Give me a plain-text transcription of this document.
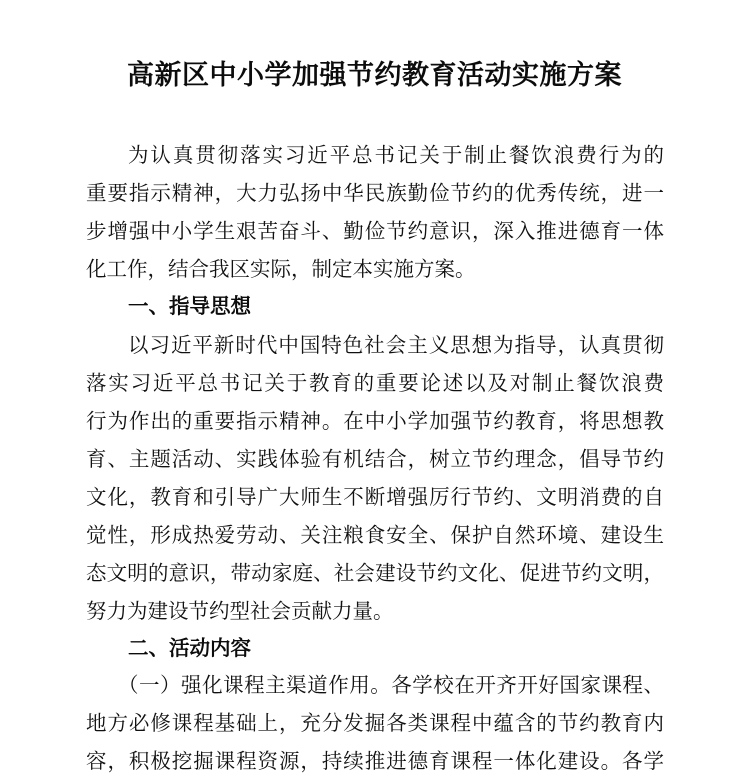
高新区中小学加强节约教育活动实施方案

为认真贯彻落实习近平总书记关于制止餐饮浪费行为的

重要指示精神，大力弘扬中华民族勤俭节约的优秀传统，进一

步增强中小学生艰苦奋斗、勤俭节约意识，深入推进德育一体

化工作，结合我区实际，制定本实施方案。

一、指导思想

以习近平新时代中国特色社会主义思想为指导，认真贯彻

落实习近平总书记关于教育的重要论述以及对制止餐饮浪费

行为作出的重要指示精神。在中小学加强节约教育，将思想教

育、主题活动、实践体验有机结合，树立节约理念，倡导节约

文化，教育和引导广大师生不断增强厉行节约、文明消费的自

觉性，形成热爱劳动、关注粮食安全、保护自然环境、建设生

态文明的意识，带动家庭、社会建设节约文化、促进节约文明，

努力为建设节约型社会贡献力量。

二、活动内容

（一）强化课程主渠道作用。各学校在开齐开好国家课程、

地方必修课程基础上，充分发掘各类课程中蕴含的节约教育内

容，积极挖掘课程资源，持续推进德育课程一体化建设。各学
